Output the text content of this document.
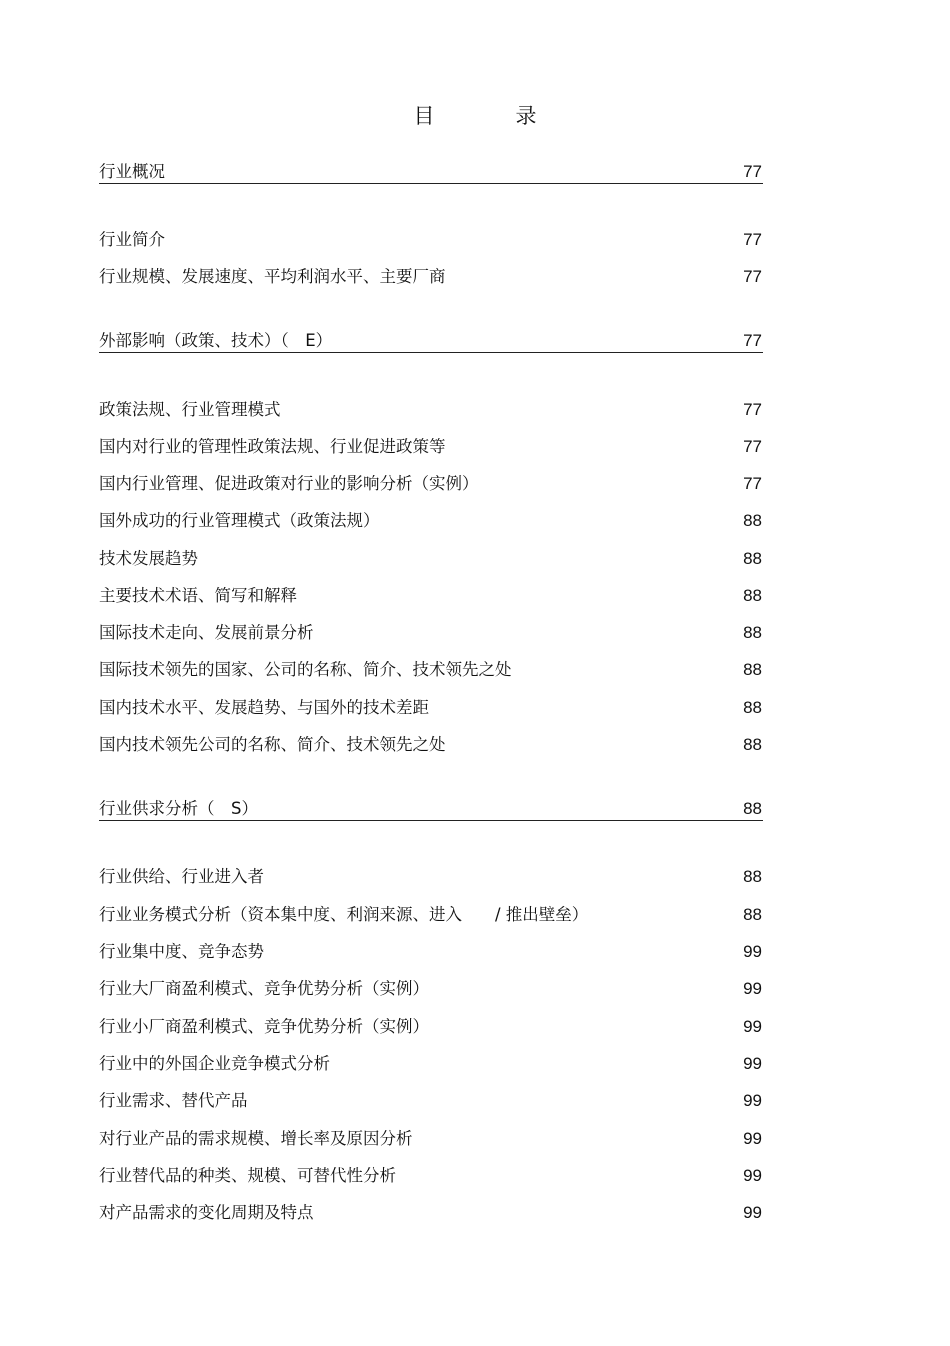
目　录
行业概况	77
行业简介	77
行业规模、发展速度、平均利润水平、主要厂商	77
外部影响（政策、技术）（　E）	77
政策法规、行业管理模式	77
国内对行业的管理性政策法规、行业促进政策等	77
国内行业管理、促进政策对行业的影响分析（实例）	77
国外成功的行业管理模式（政策法规）	88
技术发展趋势	88
主要技术术语、简写和解释	88
国际技术走向、发展前景分析	88
国际技术领先的国家、公司的名称、简介、技术领先之处	88
国内技术水平、发展趋势、与国外的技术差距	88
国内技术领先公司的名称、简介、技术领先之处	88
行业供求分析（　S）	88
行业供给、行业进入者	88
行业业务模式分析（资本集中度、利润来源、进入　　/ 推出壁垒）	88
行业集中度、竞争态势	99
行业大厂商盈利模式、竞争优势分析（实例）	99
行业小厂商盈利模式、竞争优势分析（实例）	99
行业中的外国企业竞争模式分析	99
行业需求、替代产品	99
对行业产品的需求规模、增长率及原因分析	99
行业替代品的种类、规模、可替代性分析	99
对产品需求的变化周期及特点	99
